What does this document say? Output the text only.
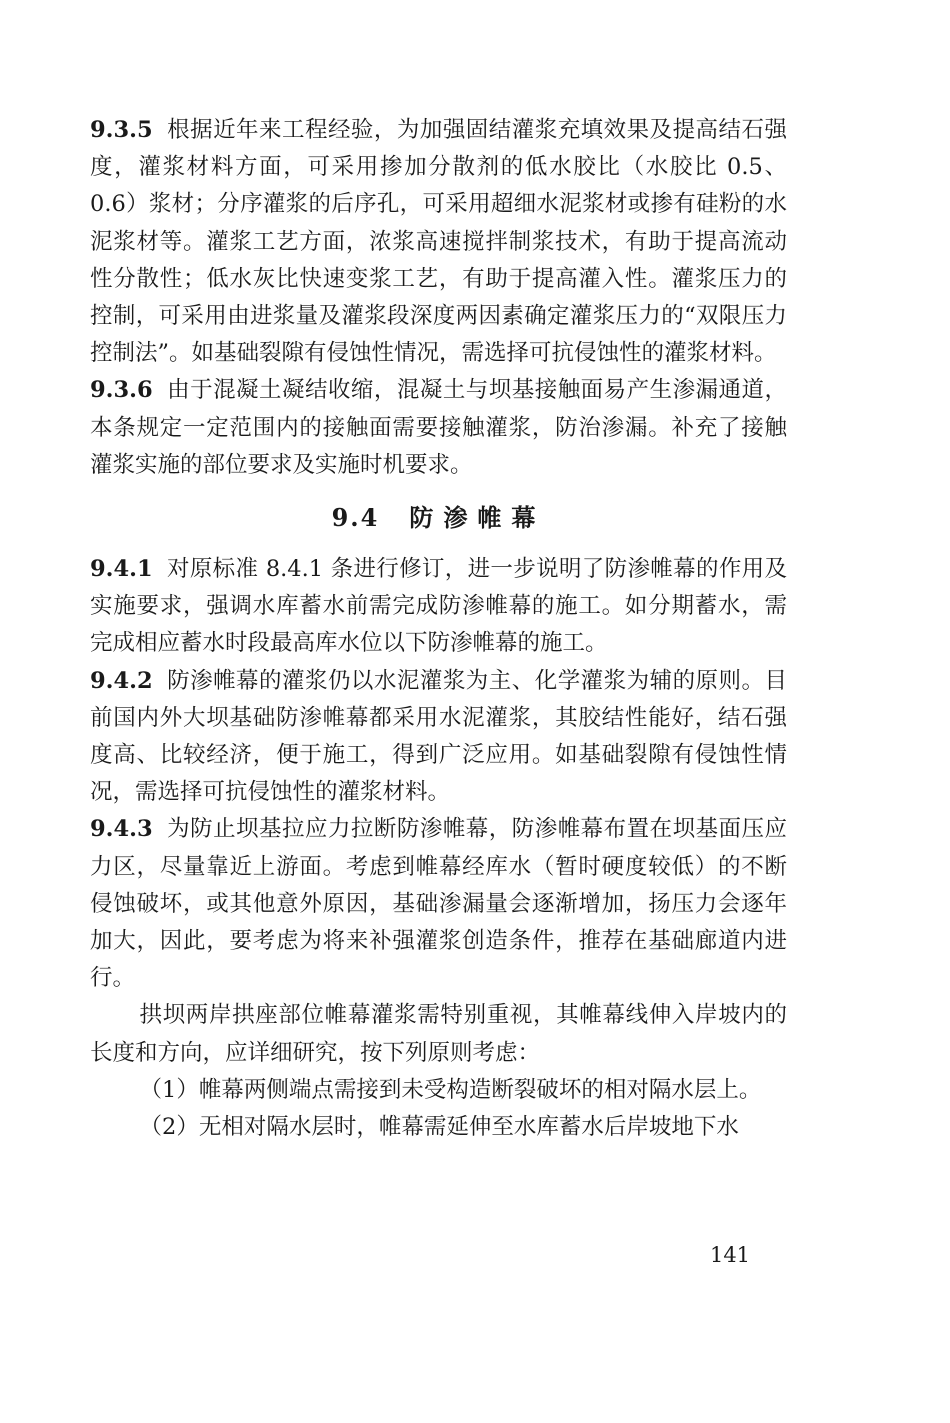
9.3.5 根据近年来工程经验，为加强固结灌浆充填效果及提高结石强度，灌浆材料方面，可采用掺加分散剂的低水胶比（水胶比 0.5、0.6）浆材；分序灌浆的后序孔，可采用超细水泥浆材或掺有硅粉的水泥浆材等。灌浆工艺方面，浓浆高速搅拌制浆技术，有助于提高流动性分散性；低水灰比快速变浆工艺，有助于提高灌入性。灌浆压力的控制，可采用由进浆量及灌浆段深度两因素确定灌浆压力的“双限压力控制法”。如基础裂隙有侵蚀性情况，需选择可抗侵蚀性的灌浆材料。

9.3.6 由于混凝土凝结收缩，混凝土与坝基接触面易产生渗漏通道，本条规定一定范围内的接触面需要接触灌浆，防治渗漏。补充了接触灌浆实施的部位要求及实施时机要求。

9.4 防渗帷幕

9.4.1 对原标准 8.4.1 条进行修订，进一步说明了防渗帷幕的作用及实施要求，强调水库蓄水前需完成防渗帷幕的施工。如分期蓄水，需完成相应蓄水时段最高库水位以下防渗帷幕的施工。

9.4.2 防渗帷幕的灌浆仍以水泥灌浆为主、化学灌浆为辅的原则。目前国内外大坝基础防渗帷幕都采用水泥灌浆，其胶结性能好，结石强度高、比较经济，便于施工，得到广泛应用。如基础裂隙有侵蚀性情况，需选择可抗侵蚀性的灌浆材料。

9.4.3 为防止坝基拉应力拉断防渗帷幕，防渗帷幕布置在坝基面压应力区，尽量靠近上游面。考虑到帷幕经库水（暂时硬度较低）的不断侵蚀破坏，或其他意外原因，基础渗漏量会逐渐增加，扬压力会逐年加大，因此，要考虑为将来补强灌浆创造条件，推荐在基础廊道内进行。

拱坝两岸拱座部位帷幕灌浆需特别重视，其帷幕线伸入岸坡内的长度和方向，应详细研究，按下列原则考虑：

（1）帷幕两侧端点需接到未受构造断裂破坏的相对隔水层上。

（2）无相对隔水层时，帷幕需延伸至水库蓄水后岸坡地下水

141
